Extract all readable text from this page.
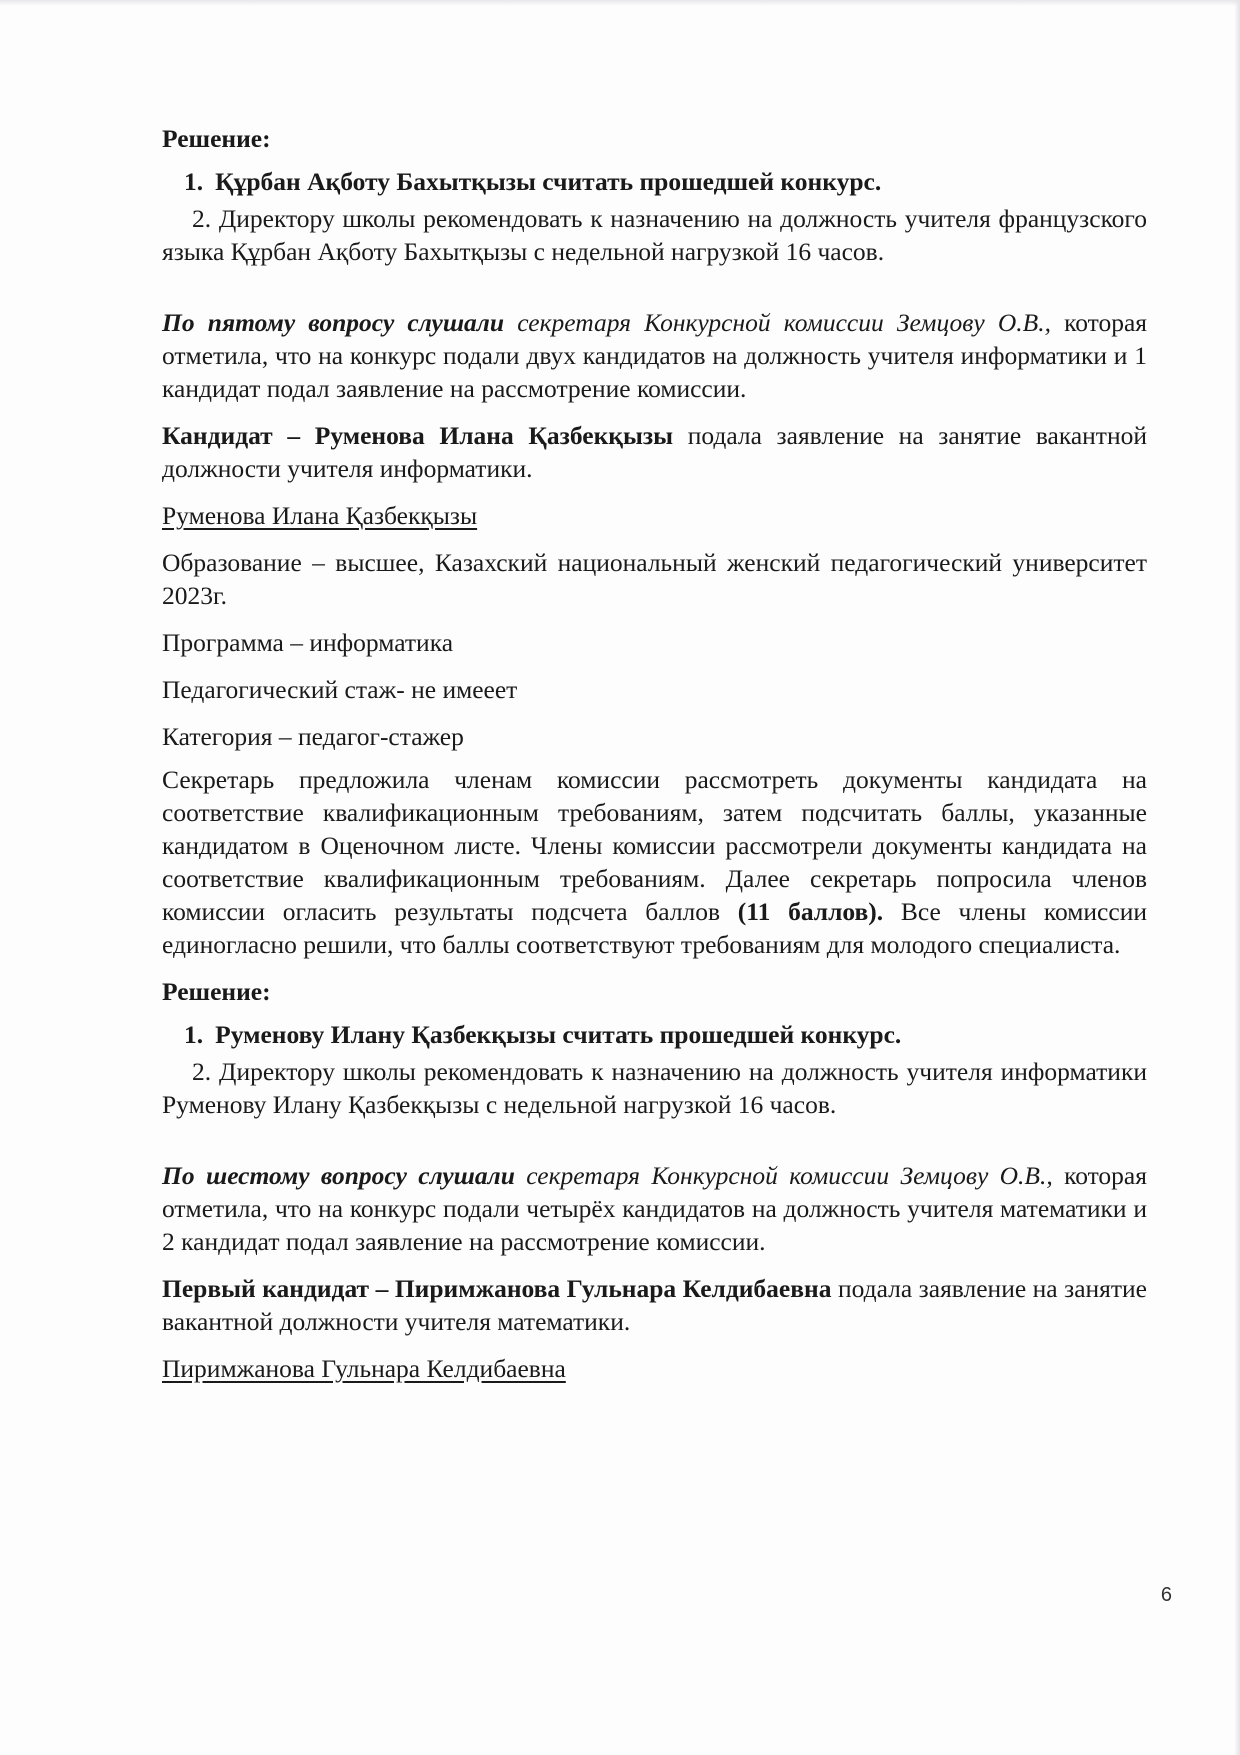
Решение:

1. Құрбан Ақботу Бахытқызы считать прошедшей конкурс.

2. Директору школы рекомендовать к назначению на должность учителя французского языка Құрбан Ақботу Бахытқызы с недельной нагрузкой 16 часов.

По пятому вопросу слушали секретаря Конкурсной комиссии Земцову О.В., которая отметила, что на конкурс подали двух кандидатов на должность учителя информатики и 1 кандидат подал заявление на рассмотрение комиссии.

Кандидат – Руменова Илана Қазбекқызы подала заявление на занятие вакантной должности учителя информатики.

Руменова Илана Қазбекқызы

Образование – высшее, Казахский национальный женский педагогический университет 2023г.

Программа – информатика

Педагогический стаж- не имееет

Категория – педагог-стажер

Секретарь предложила членам комиссии рассмотреть документы кандидата на соответствие квалификационным требованиям, затем подсчитать баллы, указанные кандидатом в Оценочном листе. Члены комиссии рассмотрели документы кандидата на соответствие квалификационным требованиям. Далее секретарь попросила членов комиссии огласить результаты подсчета баллов (11 баллов). Все члены комиссии единогласно решили, что баллы соответствуют требованиям для молодого специалиста.

Решение:

1. Руменову Илану Қазбекқызы считать прошедшей конкурс.

2. Директору школы рекомендовать к назначению на должность учителя информатики Руменову Илану Қазбекқызы с недельной нагрузкой 16 часов.

По шестому вопросу слушали секретаря Конкурсной комиссии Земцову О.В., которая отметила, что на конкурс подали четырёх кандидатов на должность учителя математики и 2 кандидат подал заявление на рассмотрение комиссии.

Первый кандидат – Пиримжанова Гульнара Келдибаевна подала заявление на занятие вакантной должности учителя математики.

Пиримжанова Гульнара Келдибаевна

6
